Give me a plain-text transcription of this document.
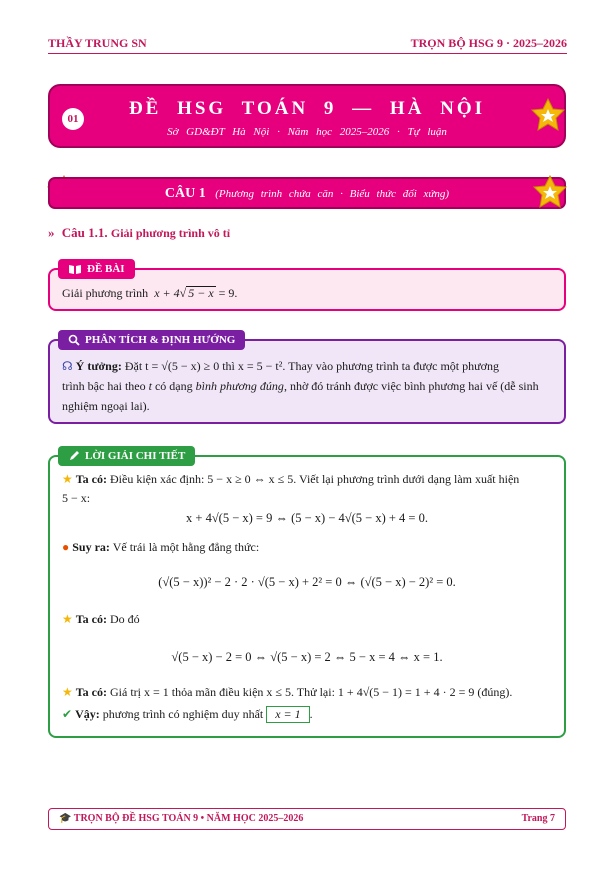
THẦY TRUNG SN	TRỌN BỘ HSG 9 · 2025–2026
01	ĐỀ HSG TOÁN 9 — HÀ NỘI
Sở GD&ĐT Hà Nội · Năm học 2025–2026 · Tự luận
CÂU 1 (Phương trình chứa căn · Biểu thức đối xứng)
» Câu 1.1. Giải phương trình vô tỉ
ĐỀ BÀI
Giải phương trình x + 4√ 5 − x = 9.
PHÂN TÍCH & ĐỊNH HƯỚNG
☊ Ý tưởng: Đặt t = √(5 − x) ≥ 0 thì x = 5 − t². Thay vào phương trình ta được một phương
trình bậc hai theo t có dạng bình phương đúng, nhờ đó tránh được việc bình phương hai vế (dễ sinh
nghiệm ngoại lai).
LỜI GIẢI CHI TIẾT
★ Ta có: Điều kiện xác định: 5 − x ≥ 0 ⇔ x ≤ 5. Viết lại phương trình dưới dạng làm xuất hiện
5 − x:
x + 4√(5 − x) = 9 ⇔ (5 − x) − 4√(5 − x) + 4 = 0.
● Suy ra: Vế trái là một hằng đẳng thức:
(√(5 − x))² − 2 · 2 · √(5 − x) + 2² = 0 ⇔ (√(5 − x) − 2)² = 0.
★ Ta có: Do đó
√(5 − x) − 2 = 0 ⇔ √(5 − x) = 2 ⇔ 5 − x = 4 ⇔ x = 1.
★ Ta có: Giá trị x = 1 thỏa mãn điều kiện x ≤ 5. Thử lại: 1 + 4√(5 − 1) = 1 + 4 · 2 = 9 (đúng).
✔ Vậy: phương trình có nghiệm duy nhất x = 1 .
🎓 TRỌN BỘ ĐỀ HSG TOÁN 9 • NĂM HỌC 2025–2026	Trang 7
